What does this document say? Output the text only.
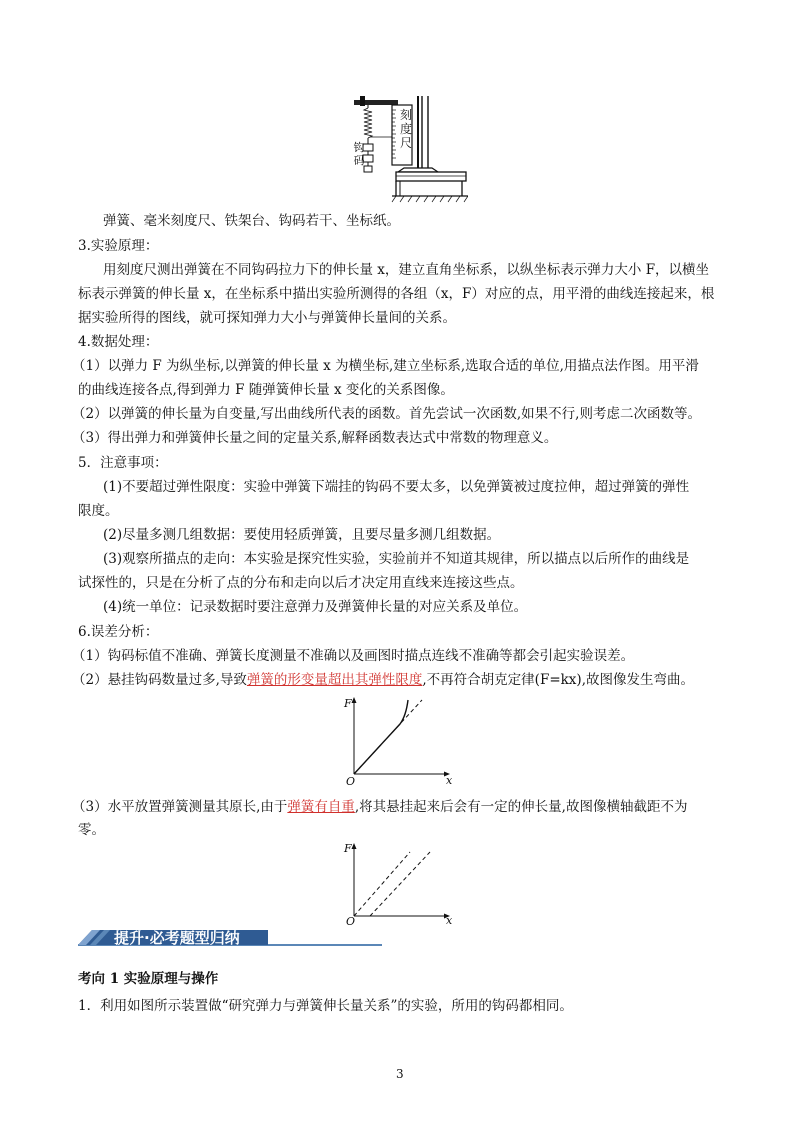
刻
度
尺
钩
码
弹簧、毫米刻度尺、铁架台、钩码若干、坐标纸。
3.实验原理：
用刻度尺测出弹簧在不同钩码拉力下的伸长量 x，建立直角坐标系，以纵坐标表示弹力大小 F，以横坐
标表示弹簧的伸长量 x，在坐标系中描出实验所测得的各组（x，F）对应的点，用平滑的曲线连接起来，根
据实验所得的图线，就可探知弹力大小与弹簧伸长量间的关系。
4.数据处理：
（1）以弹力 F 为纵坐标,以弹簧的伸长量 x 为横坐标,建立坐标系,选取合适的单位,用描点法作图。用平滑
的曲线连接各点,得到弹力 F 随弹簧伸长量 x 变化的关系图像。
（2）以弹簧的伸长量为自变量,写出曲线所代表的函数。首先尝试一次函数,如果不行,则考虑二次函数等。
（3）得出弹力和弹簧伸长量之间的定量关系,解释函数表达式中常数的物理意义。
5．注意事项：
(1)不要超过弹性限度：实验中弹簧下端挂的钩码不要太多，以免弹簧被过度拉伸，超过弹簧的弹性
限度。
(2)尽量多测几组数据：要使用轻质弹簧，且要尽量多测几组数据。
(3)观察所描点的走向：本实验是探究性实验，实验前并不知道其规律，所以描点以后所作的曲线是
试探性的，只是在分析了点的分布和走向以后才决定用直线来连接这些点。
(4)统一单位：记录数据时要注意弹力及弹簧伸长量的对应关系及单位。
6.误差分析：
（1）钩码标值不准确、弹簧长度测量不准确以及画图时描点连线不准确等都会引起实验误差。
（2）悬挂钩码数量过多,导致弹簧的形变量超出其弹性限度,不再符合胡克定律(F=kx),故图像发生弯曲。
F
x
O
（3）水平放置弹簧测量其原长,由于弹簧有自重,将其悬挂起来后会有一定的伸长量,故图像横轴截距不为
零。
F
x
O
提升·必考题型归纳
考向 1 实验原理与操作
1．利用如图所示装置做“研究弹力与弹簧伸长量关系”的实验，所用的钩码都相同。
3
